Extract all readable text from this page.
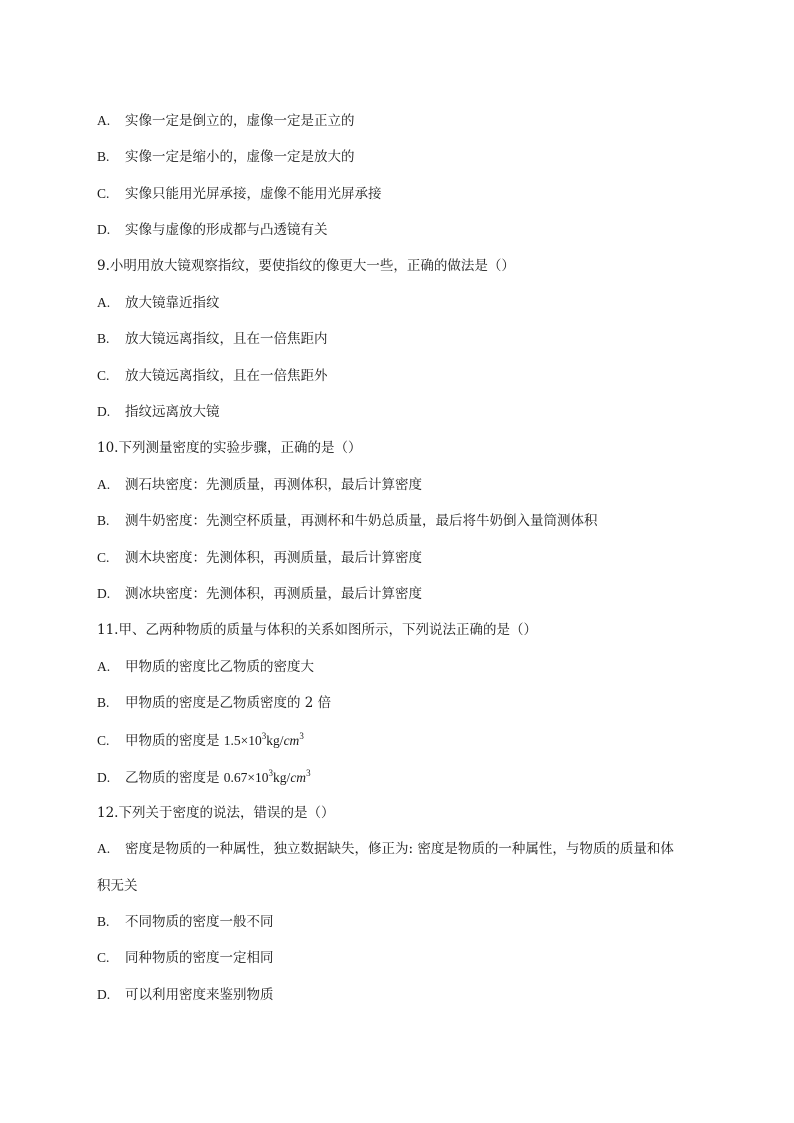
A. 实像一定是倒立的，虚像一定是正立的
B. 实像一定是缩小的，虚像一定是放大的
C. 实像只能用光屏承接，虚像不能用光屏承接
D. 实像与虚像的形成都与凸透镜有关
9.小明用放大镜观察指纹，要使指纹的像更大一些，正确的做法是（）
A. 放大镜靠近指纹
B. 放大镜远离指纹，且在一倍焦距内
C. 放大镜远离指纹，且在一倍焦距外
D. 指纹远离放大镜
10.下列测量密度的实验步骤，正确的是（）
A. 测石块密度：先测质量，再测体积，最后计算密度
B. 测牛奶密度：先测空杯质量，再测杯和牛奶总质量，最后将牛奶倒入量筒测体积
C. 测木块密度：先测体积，再测质量，最后计算密度
D. 测冰块密度：先测体积，再测质量，最后计算密度
11.甲、乙两种物质的质量与体积的关系如图所示，下列说法正确的是（）
A. 甲物质的密度比乙物质的密度大
B. 甲物质的密度是乙物质密度的 2 倍
C. 甲物质的密度是 $1.5\times 10^3kg/cm^3$
D. 乙物质的密度是 $0.67\times 10^3kg/cm^3$
12.下列关于密度的说法，错误的是（）
A. 密度是物质的一种属性，独立数据缺失，修正为: 密度是物质的一种属性，与物质的质量和体
积无关
B. 不同物质的密度一般不同
C. 同种物质的密度一定相同
D. 可以利用密度来鉴别物质
